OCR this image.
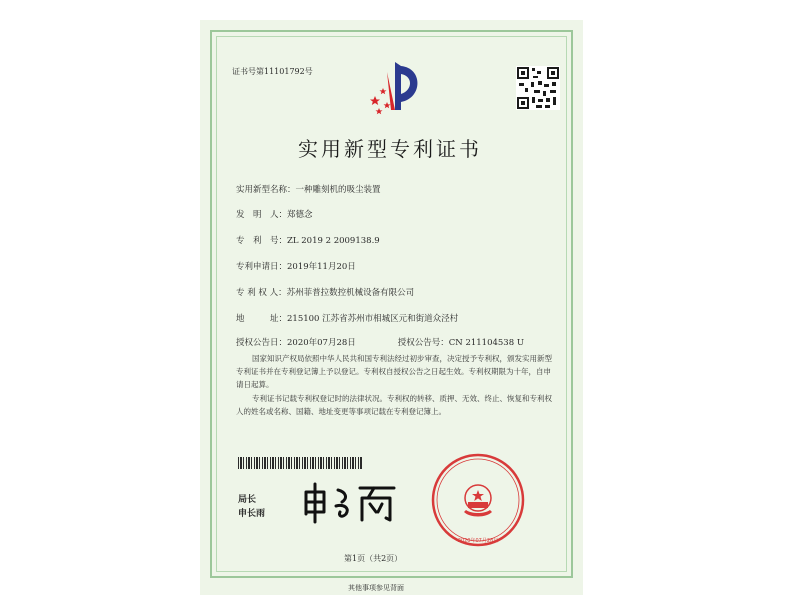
证书号第11101792号
实用新型专利证书
实用新型名称：一种雕刻机的吸尘装置
发　明　人：郑德念
专　利　号：ZL 2019 2 2009138.9
专利申请日：2019年11月20日
专 利 权 人：苏州菲普拉数控机械设备有限公司
地　　　址：215100 江苏省苏州市相城区元和街道众泾村
授权公告日：2020年07月28日	授权公告号：CN 211104538 U
国家知识产权局依照中华人民共和国专利法经过初步审查，决定授予专利权，颁发实用新型专利证书并在专利登记簿上予以登记。专利权自授权公告之日起生效。专利权期限为十年，自申请日起算。
专利证书记载专利权登记时的法律状况。专利权的转移、质押、无效、终止、恢复和专利权人的姓名或名称、国籍、地址变更等事项记载在专利登记簿上。
局长
申长雨
2020年07月28日
第1页（共2页）
其他事项参见背面
